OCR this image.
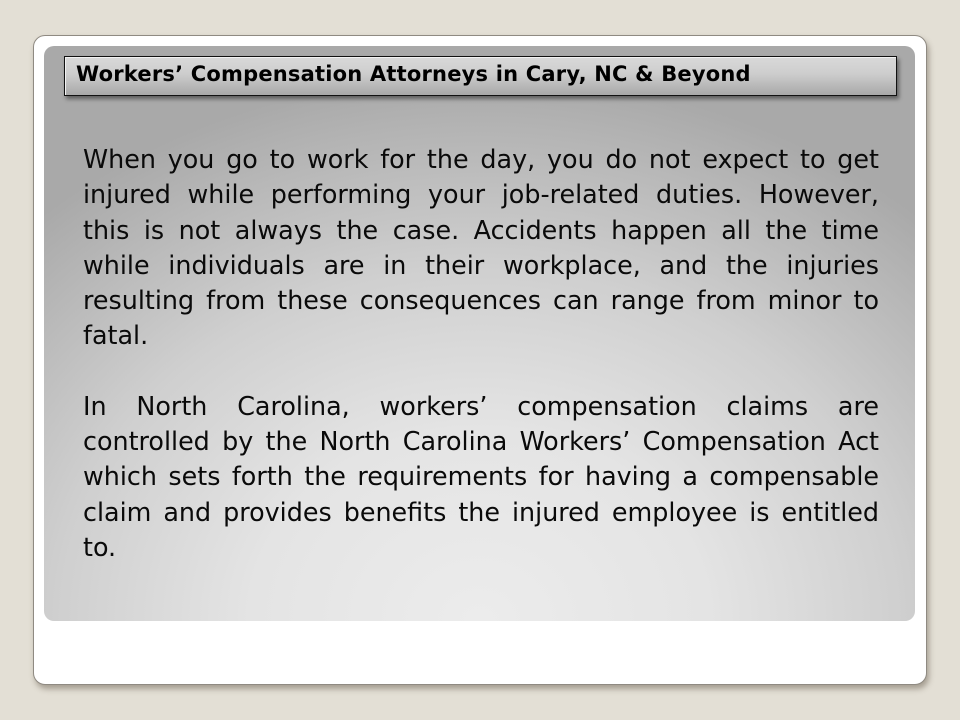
Workers’ Compensation Attorneys in Cary, NC & Beyond

When you go to work for the day, you do not expect to get injured while performing your job-related duties. However, this is not always the case. Accidents happen all the time while individuals are in their workplace, and the injuries resulting from these consequences can range from minor to fatal.

In North Carolina, workers’ compensation claims are controlled by the North Carolina Workers’ Compensation Act which sets forth the requirements for having a compensable claim and provides benefits the injured employee is entitled to.
